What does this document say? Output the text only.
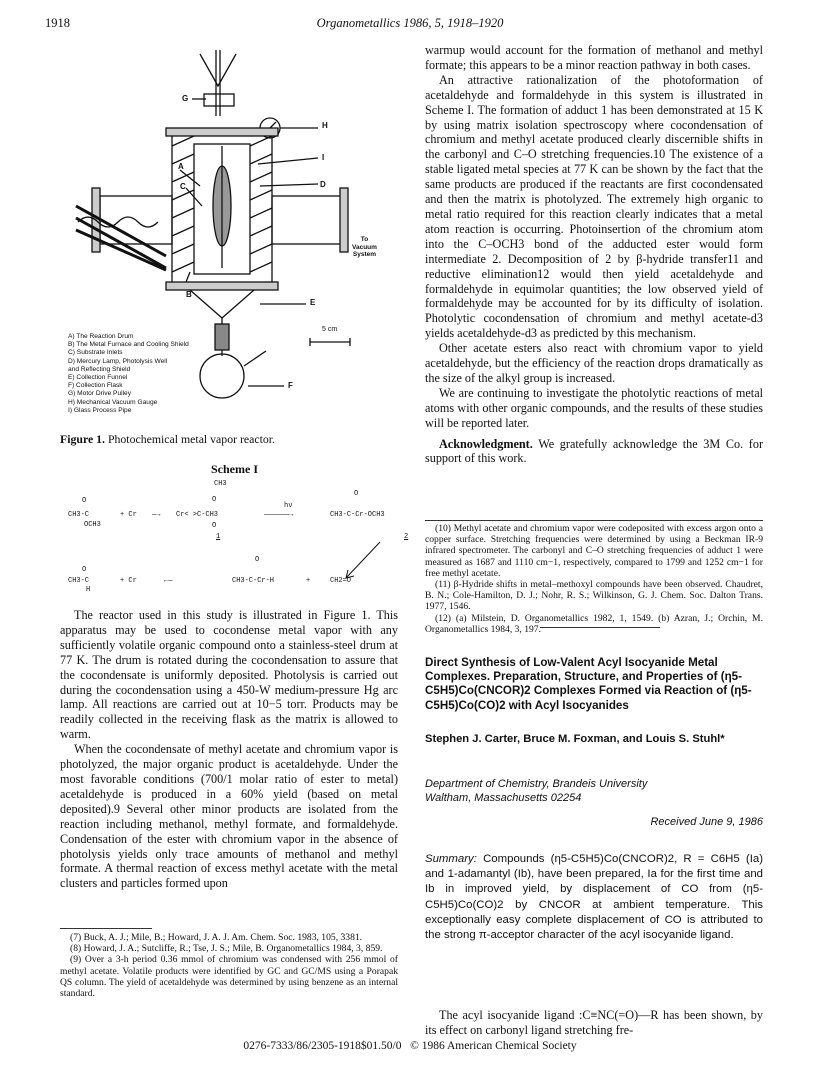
1918	Organometallics 1986, 5, 1918–1920
G
H
I
D
A
C
B
E
F
To
Vacuum
System
5 cm
A) The Reaction Drum
B) The Metal Furnace and Cooling Shield
C) Substrate Inlets
D) Mercury Lamp, Photolysis Well
and Reflecting Shield
E) Collection Funnel
F) Collection Flask
G) Motor Drive Pulley
H) Mechanical Vacuum Gauge
I) Glass Process Pipe
Figure 1. Photochemical metal vapor reactor.
Scheme I
O
CH3-C
OCH3
+ Cr —→
CH3
O
Cr< >C-CH3
O
1
hν
——————→
O
CH3-C-Cr-OCH3
2
O
CH3-C
H
+ Cr	←—
O
CH3-C-Cr-H	+	CH2=O

The reactor used in this study is illustrated in Figure 1. This apparatus may be used to cocondense metal vapor with any sufficiently volatile organic compound onto a stainless-steel drum at 77 K. The drum is rotated during the cocondensation to assure that the cocondensate is uniformly deposited. Photolysis is carried out during the cocondensation using a 450-W medium-pressure Hg arc lamp. All reactions are carried out at 10−5 torr. Products may be readily collected in the receiving flask as the matrix is allowed to warm.

When the cocondensate of methyl acetate and chromium vapor is photolyzed, the major organic product is acetaldehyde. Under the most favorable conditions (700/1 molar ratio of ester to metal) acetaldehyde is produced in a 60% yield (based on metal deposited).9 Several other minor products are isolated from the reaction including methanol, methyl formate, and formaldehyde. Condensation of the ester with chromium vapor in the absence of photolysis yields only trace amounts of methanol and methyl formate. A thermal reaction of excess methyl acetate with the metal clusters and particles formed upon

(7) Buck, A. J.; Mile, B.; Howard, J. A. J. Am. Chem. Soc. 1983, 105, 3381.

(8) Howard, J. A.; Sutcliffe, R.; Tse, J. S.; Mile, B. Organometallics 1984, 3, 859.

(9) Over a 3-h period 0.36 mmol of chromium was condensed with 256 mmol of methyl acetate. Volatile products were identified by GC and GC/MS using a Porapak QS column. The yield of acetaldehyde was determined by using benzene as an internal standard.

warmup would account for the formation of methanol and methyl formate; this appears to be a minor reaction pathway in both cases.

An attractive rationalization of the photoformation of acetaldehyde and formaldehyde in this system is illustrated in Scheme I. The formation of adduct 1 has been demonstrated at 15 K by using matrix isolation spectroscopy where cocondensation of chromium and methyl acetate produced clearly discernible shifts in the carbonyl and C–O stretching frequencies.10 The existence of a stable ligated metal species at 77 K can be shown by the fact that the same products are produced if the reactants are first cocondensated and then the matrix is photolyzed. The extremely high organic to metal ratio required for this reaction clearly indicates that a metal atom reaction is occurring. Photoinsertion of the chromium atom into the C–OCH3 bond of the adducted ester would form intermediate 2. Decomposition of 2 by β-hydride transfer11 and reductive elimination12 would then yield acetaldehyde and formaldehyde in equimolar quantities; the low observed yield of formaldehyde may be accounted for by its difficulty of isolation. Photolytic cocondensation of chromium and methyl acetate-d3 yields acetaldehyde-d3 as predicted by this mechanism.

Other acetate esters also react with chromium vapor to yield acetaldehyde, but the efficiency of the reaction drops dramatically as the size of the alkyl group is increased.

We are continuing to investigate the photolytic reactions of metal atoms with other organic compounds, and the results of these studies will be reported later.

Acknowledgment. We gratefully acknowledge the 3M Co. for support of this work.

(10) Methyl acetate and chromium vapor were codeposited with excess argon onto a copper surface. Stretching frequencies were determined by using a Beckman IR-9 infrared spectrometer. The carbonyl and C–O stretching frequencies of adduct 1 were measured as 1687 and 1110 cm−1, respectively, compared to 1799 and 1252 cm−1 for free methyl acetate.

(11) β-Hydride shifts in metal–methoxyl compounds have been observed. Chaudret, B. N.; Cole-Hamilton, D. J.; Nohr, R. S.; Wilkinson, G. J. Chem. Soc. Dalton Trans. 1977, 1546.

(12) (a) Milstein, D. Organometallics 1982, 1, 1549. (b) Azran, J.; Orchin, M. Organometallics 1984, 3, 197.

Direct Synthesis of Low-Valent Acyl Isocyanide Metal Complexes. Preparation, Structure, and Properties of (η5-C5H5)Co(CNCOR)2 Complexes Formed via Reaction of (η5-C5H5)Co(CO)2 with Acyl Isocyanides
Stephen J. Carter, Bruce M. Foxman, and Louis S. Stuhl*
Department of Chemistry, Brandeis University
Waltham, Massachusetts 02254
Received June 9, 1986
Summary: Compounds (η5-C5H5)Co(CNCOR)2, R = C6H5 (Ia) and 1-adamantyl (Ib), have been prepared, Ia for the first time and Ib in improved yield, by displacement of CO from (η5-C5H5)Co(CO)2 by CNCOR at ambient temperature. This exceptionally easy complete displacement of CO is attributed to the strong π-acceptor character of the acyl isocyanide ligand.

The acyl isocyanide ligand :C≡NC(=O)—R has been shown, by its effect on carbonyl ligand stretching fre-

0276-7333/86/2305-1918$01.50/0 © 1986 American Chemical Society
